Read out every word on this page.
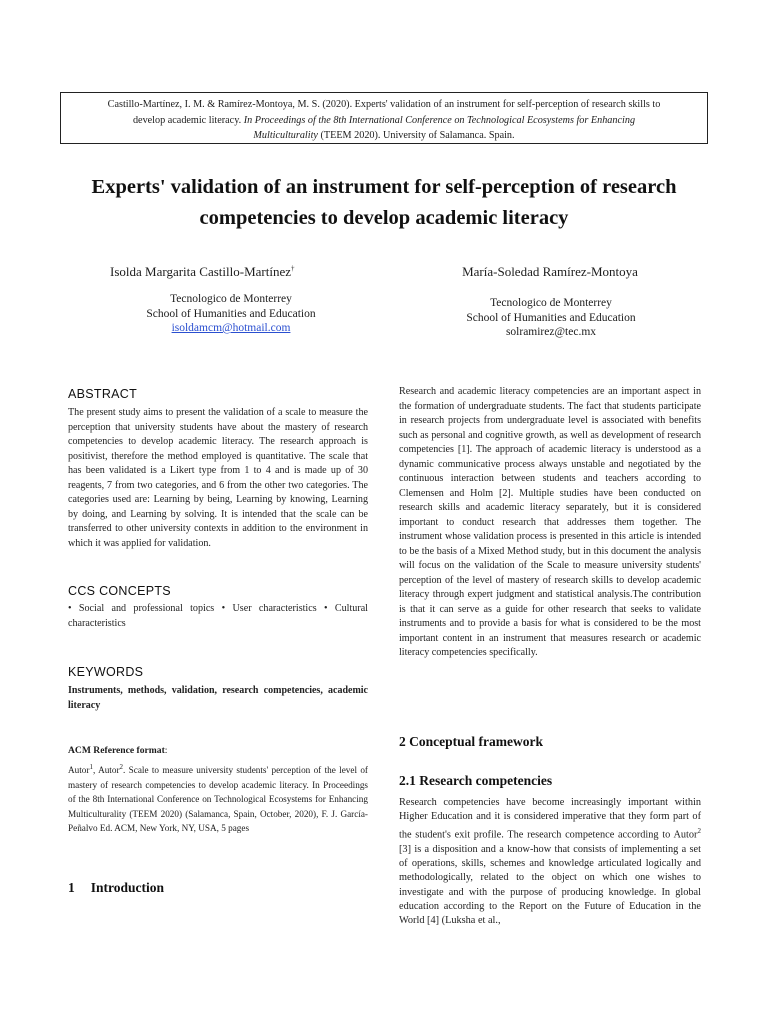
Castillo-Martínez, I. M. & Ramírez-Montoya, M. S. (2020). Experts' validation of an instrument for self-perception of research skills to
develop academic literacy. In Proceedings of the 8th International Conference on Technological Ecosystems for Enhancing
Multiculturality (TEEM 2020). University of Salamanca. Spain.
Experts' validation of an instrument for self-perception of research
competencies to develop academic literacy
Isolda Margarita Castillo-Martínez†
Tecnologico de Monterrey
School of Humanities and Education
isoldamcm@hotmail.com
María-Soledad Ramírez-Montoya
Tecnologico de Monterrey
School of Humanities and Education
solramirez@tec.mx
ABSTRACT
The present study aims to present the validation of a scale to measure the perception that university students have about the mastery of research competencies to develop academic literacy. The research approach is positivist, therefore the method employed is quantitative. The scale that has been validated is a Likert type from 1 to 4 and is made up of 30 reagents, 7 from two categories, and 6 from the other two categories. The categories used are: Learning by being, Learning by knowing, Learning by doing, and Learning by solving. It is intended that the scale can be transferred to other university contexts in addition to the environment in which it was applied for validation.
CCS CONCEPTS
• Social and professional topics • User characteristics • Cultural characteristics
KEYWORDS
Instruments, methods, validation, research competencies, academic literacy
ACM Reference format:
Autor$^1$, Autor$^2$. Scale to measure university students' perception of the level of mastery of research competencies to develop academic literacy. In Proceedings of the 8th International Conference on Technological Ecosystems for Enhancing Multiculturality (TEEM 2020) (Salamanca, Spain, October, 2020), F. J. García-Peñalvo Ed. ACM, New York, NY, USA, 5 pages
1 Introduction
Research and academic literacy competencies are an important aspect in the formation of undergraduate students. The fact that students participate in research projects from undergraduate level is associated with benefits such as personal and cognitive growth, as well as development of research competencies [1]. The approach of academic literacy is understood as a dynamic communicative process always unstable and negotiated by the continuous interaction between students and teachers according to Clemensen and Holm [2]. Multiple studies have been conducted on research skills and academic literacy separately, but it is considered important to conduct research that addresses them together. The instrument whose validation process is presented in this article is intended to be the basis of a Mixed Method study, but in this document the analysis will focus on the validation of the Scale to measure university students' perception of the level of mastery of research skills to develop academic literacy through expert judgment and statistical analysis.The contribution is that it can serve as a guide for other research that seeks to validate instruments and to provide a basis for what is considered to be the most important content in an instrument that measures research or academic literacy competencies specifically.
2 Conceptual framework
2.1 Research competencies
Research competencies have become increasingly important within Higher Education and it is considered imperative that they form part of the student's exit profile. The research competence according to Autor$^2$ [3] is a disposition and a know-how that consists of implementing a set of operations, skills, schemes and knowledge articulated logically and methodologically, related to the object on which one wishes to investigate and with the purpose of producing knowledge. In global education according to the Report on the Future of Education in the World [4] (Luksha et al.,
